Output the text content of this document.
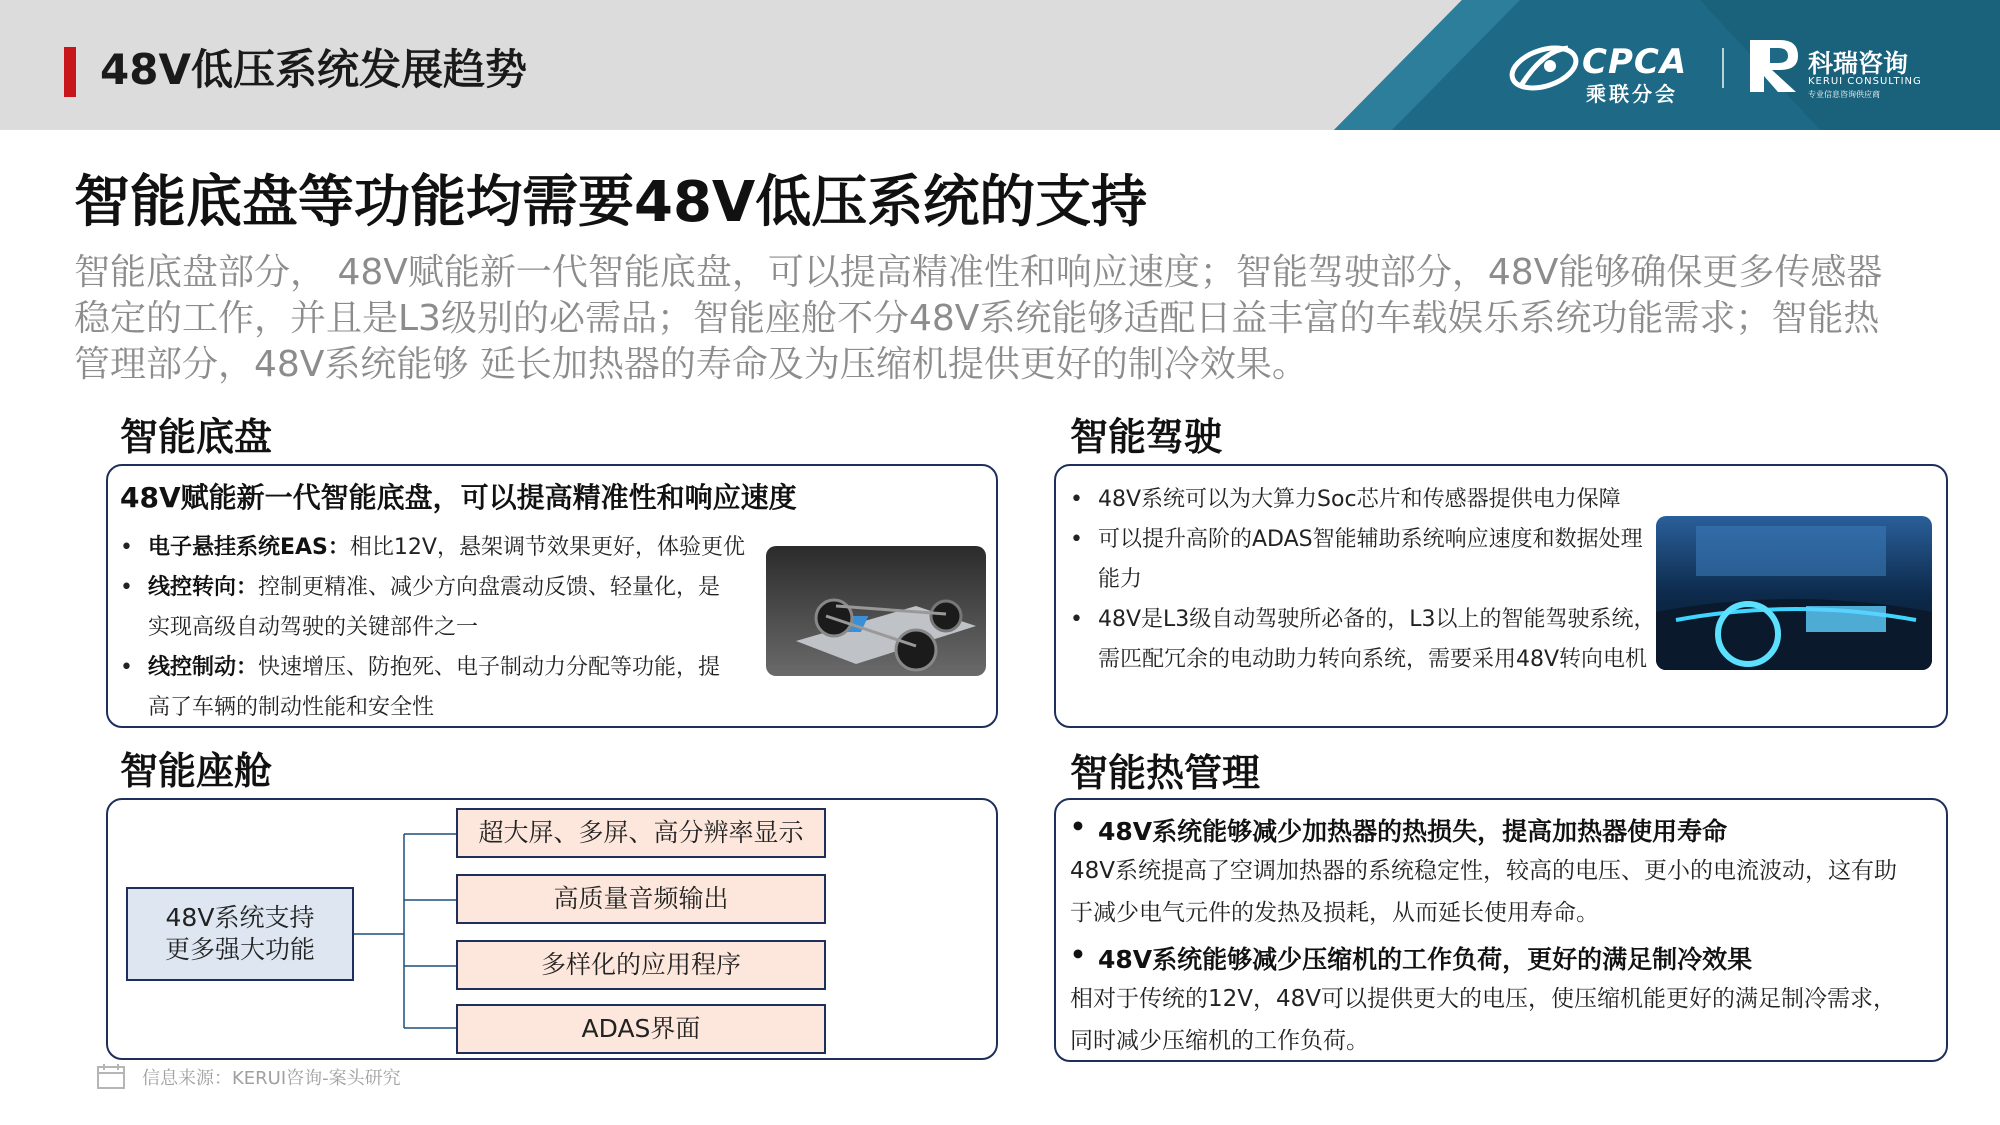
48V低压系统发展趋势	CPCA
乘联分会
科瑞咨询
KERUI CONSULTING
专业信息咨询供应商
智能底盘等功能均需要48V低压系统的支持
智能底盘部分， 48V赋能新一代智能底盘，可以提高精准性和响应速度；智能驾驶部分，48V能够确保更多传感器稳定的工作，并且是L3级别的必需品；智能座舱不分48V系统能够适配日益丰富的车载娱乐系统功能需求；智能热管理部分，48V系统能够 延长加热器的寿命及为压缩机提供更好的制冷效果。
智能底盘
48V赋能新一代智能底盘，可以提高精准性和响应速度
• 电子悬挂系统EAS：相比12V，悬架调节效果更好，体验更优
• 线控转向：控制更精准、减少方向盘震动反馈、轻量化，是
实现高级自动驾驶的关键部件之一
• 线控制动：快速增压、防抱死、电子制动力分配等功能，提
高了车辆的制动性能和安全性
智能驾驶
• 48V系统可以为大算力Soc芯片和传感器提供电力保障
• 可以提升高阶的ADAS智能辅助系统响应速度和数据处理
能力
• 48V是L3级自动驾驶所必备的，L3以上的智能驾驶系统，
需匹配冗余的电动助力转向系统，需要采用48V转向电机
智能座舱
48V系统支持
更多强大功能
超大屏、多屏、高分辨率显示
高质量音频输出
多样化的应用程序
ADAS界面
智能热管理
• 48V系统能够减少加热器的热损失，提高加热器使用寿命
48V系统提高了空调加热器的系统稳定性，较高的电压、更小的电流波动，这有助
于减少电气元件的发热及损耗，从而延长使用寿命。
• 48V系统能够减少压缩机的工作负荷，更好的满足制冷效果
相对于传统的12V，48V可以提供更大的电压，使压缩机能更好的满足制冷需求，
同时减少压缩机的工作负荷。
信息来源：KERUI咨询-案头研究
